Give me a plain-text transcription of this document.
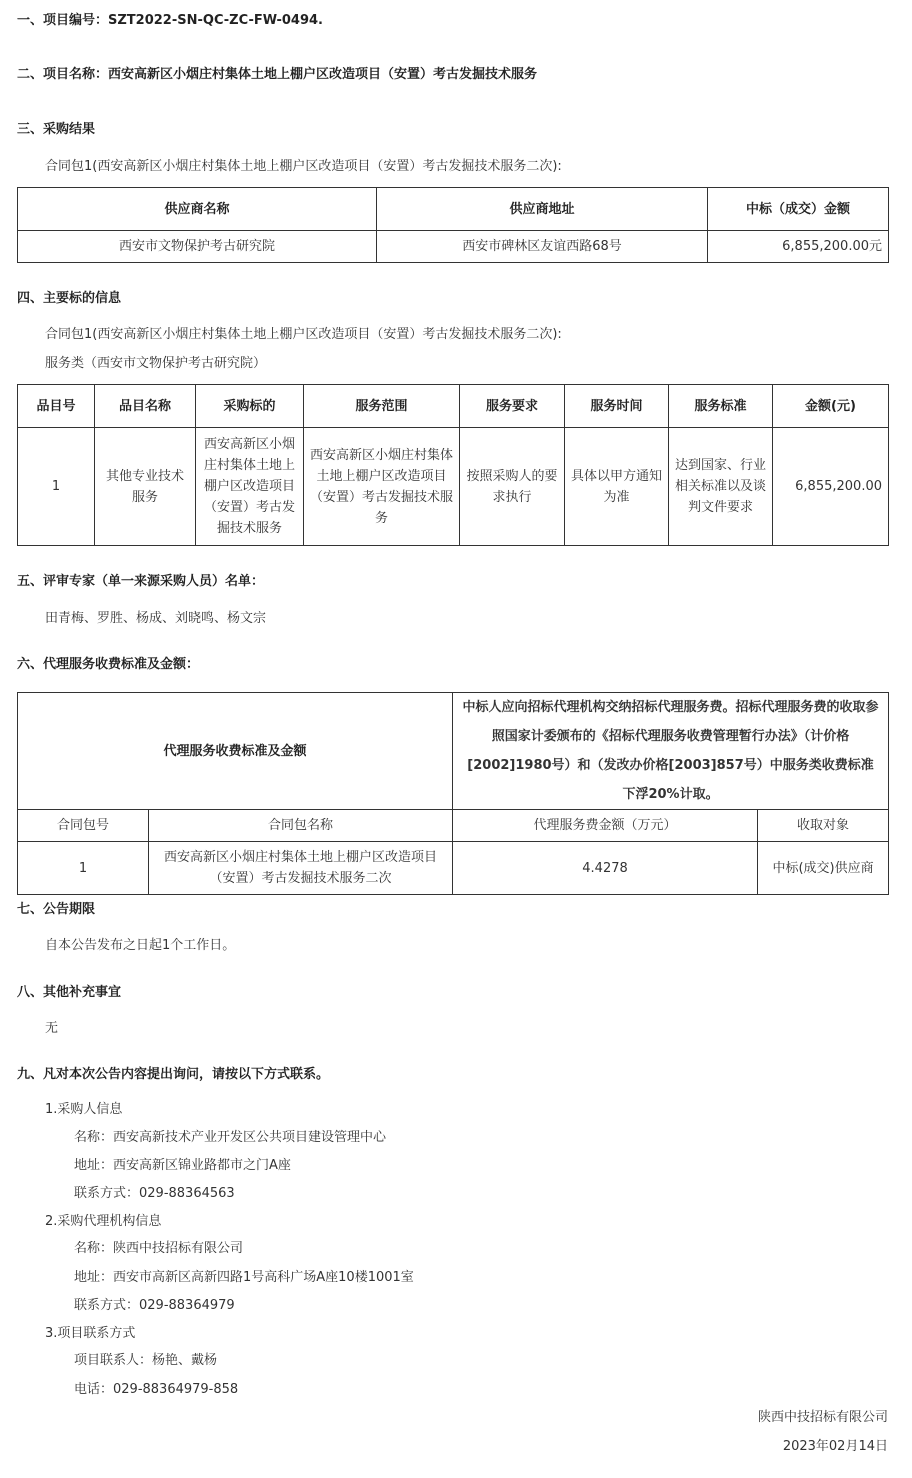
一、项目编号：SZT2022-SN-QC-ZC-FW-0494.
二、项目名称：西安高新区小烟庄村集体土地上棚户区改造项目（安置）考古发掘技术服务
三、采购结果
合同包1(西安高新区小烟庄村集体土地上棚户区改造项目（安置）考古发掘技术服务二次):
供应商名称	供应商地址	中标（成交）金额
西安市文物保护考古研究院	西安市碑林区友谊西路68号	6,855,200.00元
四、主要标的信息
合同包1(西安高新区小烟庄村集体土地上棚户区改造项目（安置）考古发掘技术服务二次):
服务类（西安市文物保护考古研究院）
品目号	品目名称	采购标的	服务范围	服务要求	服务时间	服务标准	金额(元)
1	其他专业技术服务	西安高新区小烟庄村集体土地上棚户区改造项目（安置）考古发掘技术服务	西安高新区小烟庄村集体土地上棚户区改造项目（安置）考古发掘技术服务	按照采购人的要求执行	具体以甲方通知为准	达到国家、行业相关标准以及谈判文件要求	6,855,200.00
五、评审专家（单一来源采购人员）名单：
田青梅、罗胜、杨成、刘晓鸣、杨文宗
六、代理服务收费标准及金额：
代理服务收费标准及金额		中标人应向招标代理机构交纳招标代理服务费。招标代理服务费的收取参照国家计委颁布的《招标代理服务收费管理暂行办法》（计价格[2002]1980号）和（发改办价格[2003]857号）中服务类收费标准下浮20%计取。	
合同包号	合同包名称	代理服务费金额（万元）	收取对象
1	西安高新区小烟庄村集体土地上棚户区改造项目（安置）考古发掘技术服务二次	4.4278	中标(成交)供应商
七、公告期限
自本公告发布之日起1个工作日。
八、其他补充事宜
无
九、凡对本次公告内容提出询问，请按以下方式联系。
1.采购人信息
名称：西安高新技术产业开发区公共项目建设管理中心
地址：西安高新区锦业路都市之门A座
联系方式：029-88364563
2.采购代理机构信息
名称：陕西中技招标有限公司
地址：西安市高新区高新四路1号高科广场A座10楼1001室
联系方式：029-88364979
3.项目联系方式
项目联系人：杨艳、戴杨
电话：029-88364979-858
陕西中技招标有限公司
2023年02月14日
